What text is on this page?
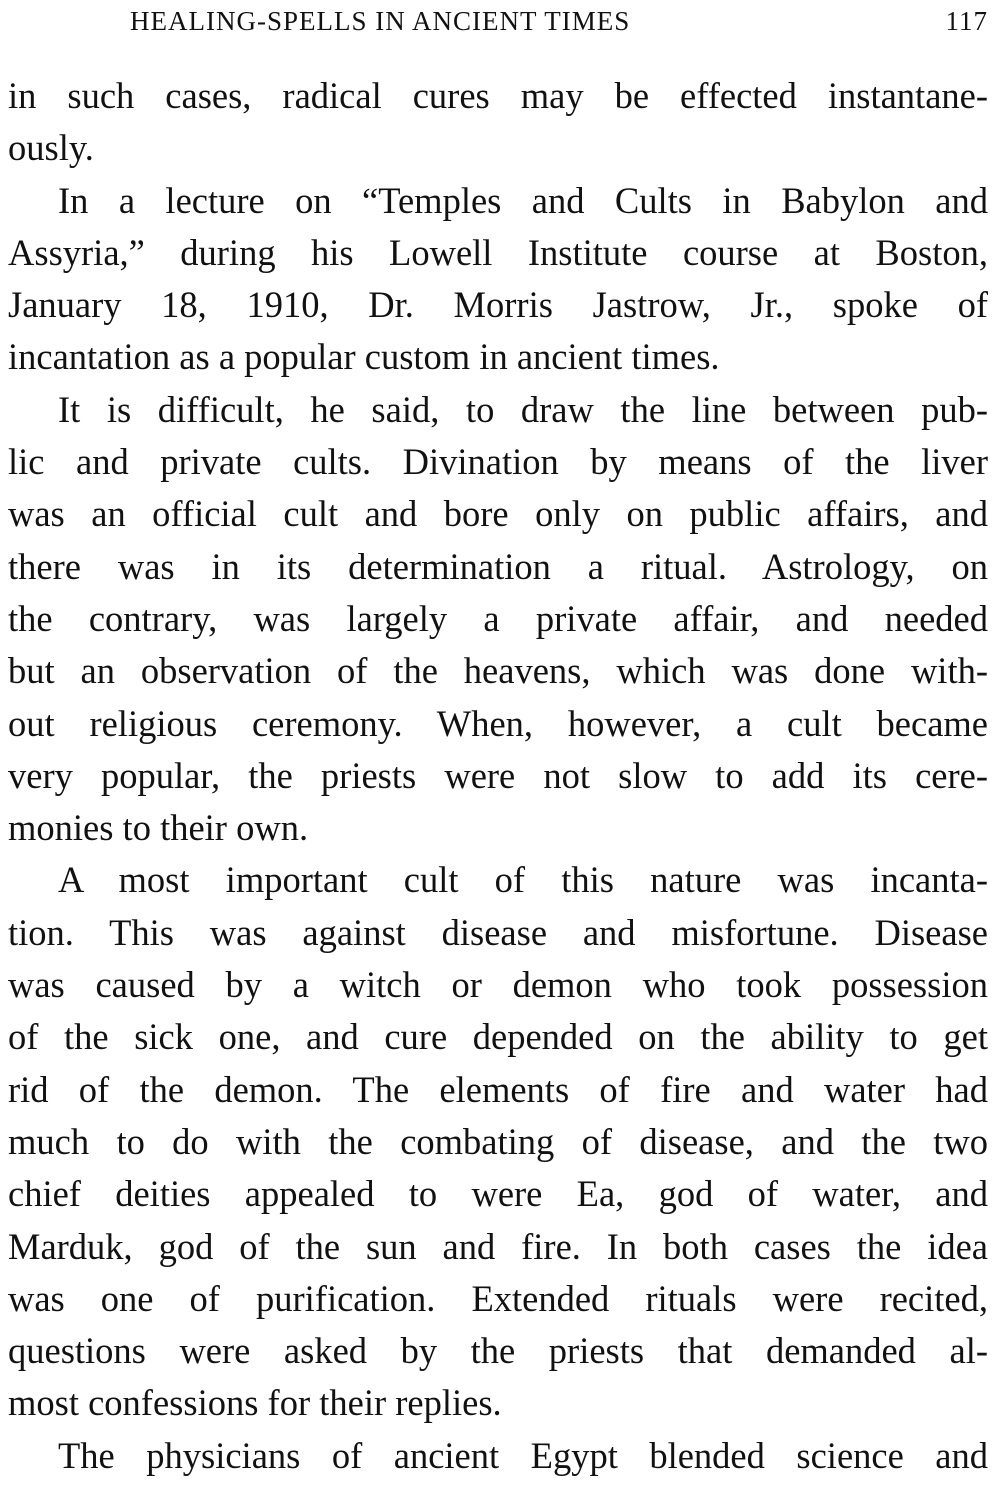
HEALING-SPELLS IN ANCIENT TIMES	117
in such cases, radical cures may be effected instantane-
ously.
In a lecture on “Temples and Cults in Babylon and
Assyria,” during his Lowell Institute course at Boston,
January 18, 1910, Dr. Morris Jastrow, Jr., spoke of
incantation as a popular custom in ancient times.
It is difficult, he said, to draw the line between pub-
lic and private cults. Divination by means of the liver
was an official cult and bore only on public affairs, and
there was in its determination a ritual. Astrology, on
the contrary, was largely a private affair, and needed
but an observation of the heavens, which was done with-
out religious ceremony. When, however, a cult became
very popular, the priests were not slow to add its cere-
monies to their own.
A most important cult of this nature was incanta-
tion. This was against disease and misfortune. Disease
was caused by a witch or demon who took possession
of the sick one, and cure depended on the ability to get
rid of the demon. The elements of fire and water had
much to do with the combating of disease, and the two
chief deities appealed to were Ea, god of water, and
Marduk, god of the sun and fire. In both cases the idea
was one of purification. Extended rituals were recited,
questions were asked by the priests that demanded al-
most confessions for their replies.
The physicians of ancient Egypt blended science and
